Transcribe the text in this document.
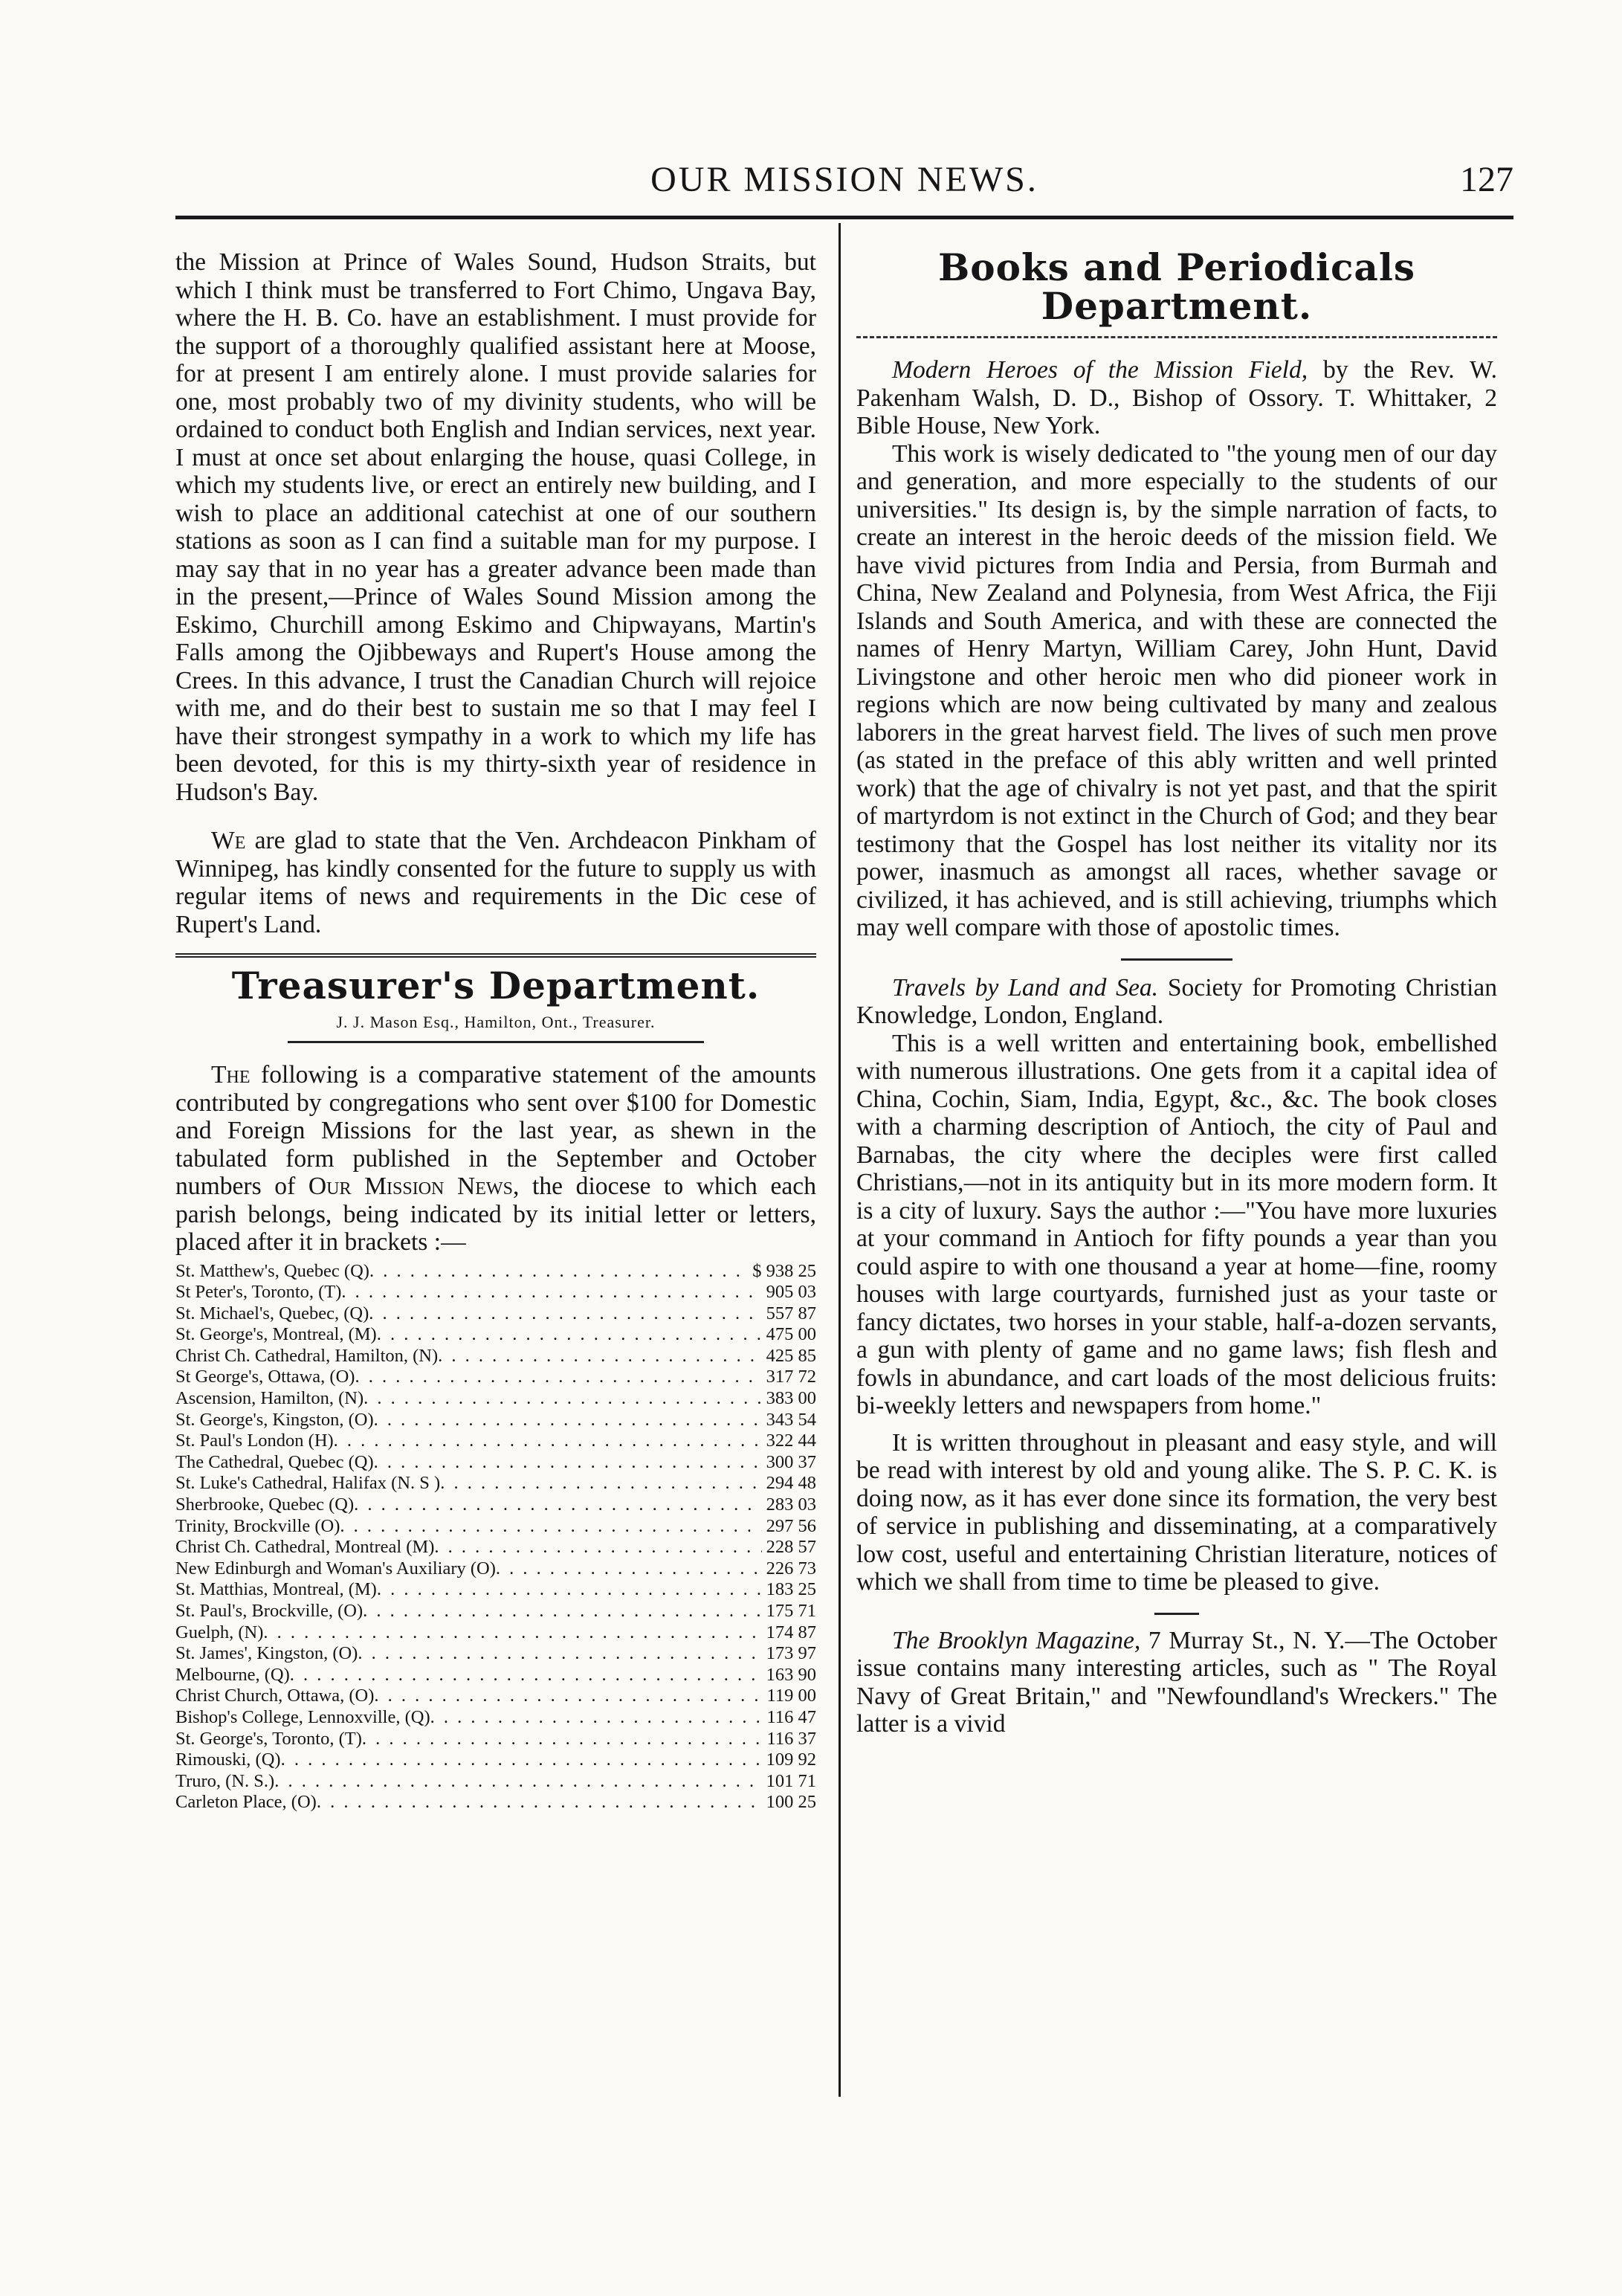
OUR MISSION NEWS.	127

the Mission at Prince of Wales Sound, Hudson Straits, but which I think must be transferred to Fort Chimo, Ungava Bay, where the H. B. Co. have an establishment. I must provide for the support of a thoroughly qualified assistant here at Moose, for at present I am entirely alone. I must provide salaries for one, most probably two of my divinity students, who will be ordained to conduct both English and Indian services, next year. I must at once set about enlarging the house, quasi College, in which my students live, or erect an entirely new building, and I wish to place an additional catechist at one of our southern stations as soon as I can find a suitable man for my purpose. I may say that in no year has a greater advance been made than in the present,—Prince of Wales Sound Mission among the Eskimo, Churchill among Eskimo and Chipwayans, Martin's Falls among the Ojibbeways and Rupert's House among the Crees. In this advance, I trust the Canadian Church will rejoice with me, and do their best to sustain me so that I may feel I have their strongest sympathy in a work to which my life has been devoted, for this is my thirty-sixth year of residence in Hudson's Bay.

We are glad to state that the Ven. Archdeacon Pinkham of Winnipeg, has kindly consented for the future to supply us with regular items of news and requirements in the Dic cese of Rupert's Land.

Treasurer's Department.
J. J. Mason Esq., Hamilton, Ont., Treasurer.

The following is a comparative statement of the amounts contributed by congregations who sent over $100 for Domestic and Foreign Missions for the last year, as shewn in the tabulated form published in the September and October numbers of Our Mission News, the diocese to which each parish belongs, being indicated by its initial letter or letters, placed after it in brackets :—

St. Matthew's, Quebec (Q) . . .	$ 938 25
St Peter's, Toronto, (T) . . .	905 03
St. Michael's, Quebec, (Q) . . .	557 87
St. George's, Montreal, (M) . . .	475 00
Christ Ch. Cathedral, Hamilton, (N) . . .	425 85
St George's, Ottawa, (O) . . .	317 72
Ascension, Hamilton, (N) . . .	383 00
St. George's, Kingston, (O) . . .	343 54
St. Paul's London (H) . . .	322 44
The Cathedral, Quebec (Q) . . .	300 37
St. Luke's Cathedral, Halifax (N. S ) . . .	294 48
Sherbrooke, Quebec (Q) . . .	283 03
Trinity, Brockville (O) . . .	297 56
Christ Ch. Cathedral, Montreal (M) . . .	228 57
New Edinburgh and Woman's Auxiliary (O) . . .	226 73
St. Matthias, Montreal, (M) . . .	183 25
St. Paul's, Brockville, (O) . . .	175 71
Guelph, (N) . . .	174 87
St. James', Kingston, (O) . . .	173 97
Melbourne, (Q) . . .	163 90
Christ Church, Ottawa, (O) . . .	119 00
Bishop's College, Lennoxville, (Q) . . .	116 47
St. George's, Toronto, (T) . . .	116 37
Rimouski, (Q) . . .	109 92
Truro, (N. S.) . . .	101 71
Carleton Place, (O) . . .	100 25
Books and Periodicals Department.

Modern Heroes of the Mission Field, by the Rev. W. Pakenham Walsh, D. D., Bishop of Ossory. T. Whittaker, 2 Bible House, New York.

This work is wisely dedicated to "the young men of our day and generation, and more especially to the students of our universities." Its design is, by the simple narration of facts, to create an interest in the heroic deeds of the mission field. We have vivid pictures from India and Persia, from Burmah and China, New Zealand and Polynesia, from West Africa, the Fiji Islands and South America, and with these are connected the names of Henry Martyn, William Carey, John Hunt, David Livingstone and other heroic men who did pioneer work in regions which are now being cultivated by many and zealous laborers in the great harvest field. The lives of such men prove (as stated in the preface of this ably written and well printed work) that the age of chivalry is not yet past, and that the spirit of martyrdom is not extinct in the Church of God; and they bear testimony that the Gospel has lost neither its vitality nor its power, inasmuch as amongst all races, whether savage or civilized, it has achieved, and is still achieving, triumphs which may well compare with those of apostolic times.

Travels by Land and Sea. Society for Promoting Christian Knowledge, London, England.

This is a well written and entertaining book, embellished with numerous illustrations. One gets from it a capital idea of China, Cochin, Siam, India, Egypt, &c., &c. The book closes with a charming description of Antioch, the city of Paul and Barnabas, the city where the deciples were first called Christians,—not in its antiquity but in its more modern form. It is a city of luxury. Says the author :—"You have more luxuries at your command in Antioch for fifty pounds a year than you could aspire to with one thousand a year at home—fine, roomy houses with large courtyards, furnished just as your taste or fancy dictates, two horses in your stable, half-a-dozen servants, a gun with plenty of game and no game laws; fish flesh and fowls in abundance, and cart loads of the most delicious fruits: bi-weekly letters and newspapers from home."

It is written throughout in pleasant and easy style, and will be read with interest by old and young alike. The S. P. C. K. is doing now, as it has ever done since its formation, the very best of service in publishing and disseminating, at a comparatively low cost, useful and entertaining Christian literature, notices of which we shall from time to time be pleased to give.

The Brooklyn Magazine, 7 Murray St., N. Y.—The October issue contains many interesting articles, such as " The Royal Navy of Great Britain," and "Newfoundland's Wreckers." The latter is a vivid
